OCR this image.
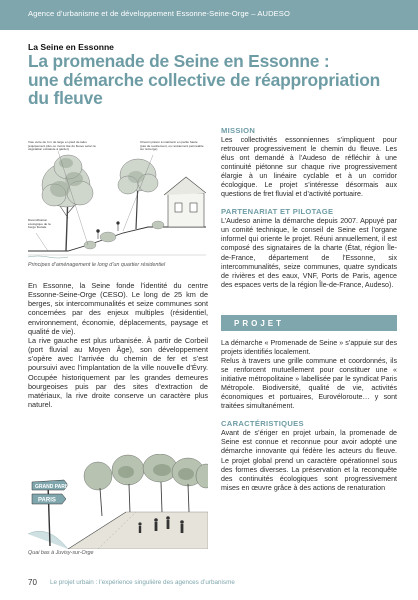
Agence d’urbanisme et de développement Essonne-Seine-Orge – AUDESO
La Seine en Essonne
La promenade de Seine en Essonne :
une démarche collective de réappropriation
du fleuve
Voie verte de 4 m de large en pied de talus (équipement plus ou moins lisé du fleuve selon la végétation existante à garder)
Chemin piéton à maintenir en partie haute (pas de revêtement, ou revêtement perméable sur la berge)
Diversification écologique de la berge fluviale
Principes d’aménagement le long d’un quartier résidentiel

En Essonne, la Seine fonde l’identité du centre Essonne-Seine-Orge (CESO). Le long de 25 km de berges, six intercommunalités et seize communes sont concernées par des enjeux multiples (résidentiel, environnement, économie, déplacements, paysage et qualité de vie).

La rive gauche est plus urbanisée. À partir de Corbeil (port fluvial au Moyen Âge), son développement s’opère avec l’arrivée du chemin de fer et s’est poursuivi avec l’implantation de la ville nouvelle d’Évry. Occupée historiquement par les grandes demeures bourgeoises puis par des sites d’extraction de matériaux, la rive droite conserve un caractère plus naturel.

GRAND PARIS
PARIS
Quai bas à Juvisy-sur-Orge
MISSION

Les collectivités essonniennes s’impliquent pour retrouver progressivement le chemin du fleuve. Les élus ont demandé à l’Audeso de réfléchir à une continuité piétonne sur chaque rive progressivement élargie à un linéaire cyclable et à un corridor écologique. Le projet s’intéresse désormais aux questions de fret fluvial et d’activité portuaire.

PARTENARIAT ET PILOTAGE

L’Audeso anime la démarche depuis 2007. Appuyé par un comité technique, le conseil de Seine est l’organe informel qui oriente le projet. Réuni annuellement, il est composé des signataires de la charte (État, région Île-de-France, département de l’Essonne, six intercommunalités, seize communes, quatre syndicats de rivières et des eaux, VNF, Ports de Paris, agence des espaces verts de la région Île-de-France, Audeso).

PROJET

La démarche « Promenade de Seine » s’appuie sur des projets identifiés localement.

Relus à travers une grille commune et coordonnés, ils se renforcent mutuellement pour constituer une « initiative métropolitaine » labellisée par le syndicat Paris Métropole. Biodiversité, qualité de vie, activités économiques et portuaires, Eurovéloroute… y sont traitées simultanément.

CARACTÉRISTIQUES

Avant de s’ériger en projet urbain, la promenade de Seine est connue et reconnue pour avoir adopté une démarche innovante qui fédère les acteurs du fleuve. Le projet global prend un caractère opérationnel sous des formes diverses. La préservation et la reconquête des continuités écologiques sont progressivement mises en œuvre grâce à des actions de renaturation

70 Le projet urbain : l’expérience singulière des agences d’urbanisme
